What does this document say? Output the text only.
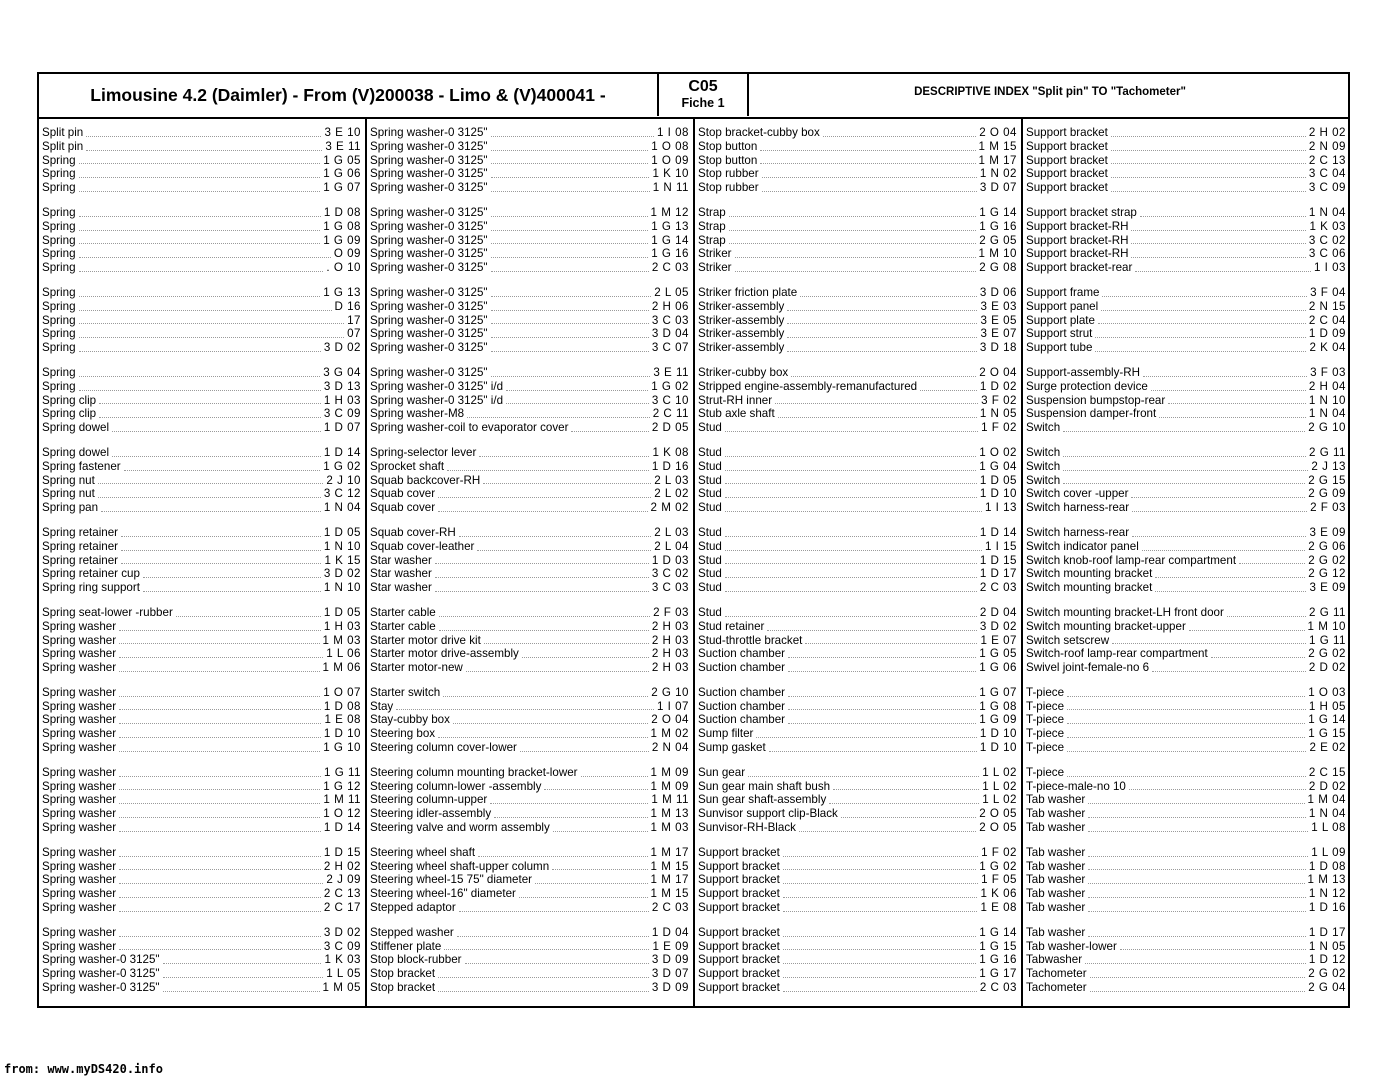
Limousine 4.2 (Daimler) - From (V)200038 - Limo & (V)400041 -	C05
Fiche 1
DESCRIPTIVE INDEX "Split pin" TO "Tachometer"
Split pin	3 E 10
Split pin	3 E 11
Spring	1 G 05
Spring	1 G 06
Spring	1 G 07
Spring	1 D 08
Spring	1 G 08
Spring	1 G 09
Spring	O 09
Spring	. O 10
Spring	1 G 13
Spring	D 16
Spring	17
Spring	07
Spring	3 D 02
Spring	3 G 04
Spring	3 D 13
Spring clip	1 H 03
Spring clip	3 C 09
Spring dowel	1 D 07
Spring dowel	1 D 14
Spring fastener	1 G 02
Spring nut	2 J 10
Spring nut	3 C 12
Spring pan	1 N 04
Spring retainer	1 D 05
Spring retainer	1 N 10
Spring retainer	1 K 15
Spring retainer cup	3 D 02
Spring ring support	1 N 10
Spring seat-lower -rubber	1 D 05
Spring washer	1 H 03
Spring washer	1 M 03
Spring washer	1 L 06
Spring washer	1 M 06
Spring washer	1 O 07
Spring washer	1 D 08
Spring washer	1 E 08
Spring washer	1 D 10
Spring washer	1 G 10
Spring washer	1 G 11
Spring washer	1 G 12
Spring washer	1 M 11
Spring washer	1 O 12
Spring washer	1 D 14
Spring washer	1 D 15
Spring washer	2 H 02
Spring washer	2 J 09
Spring washer	2 C 13
Spring washer	2 C 17
Spring washer	3 D 02
Spring washer	3 C 09
Spring washer-0 3125"	1 K 03
Spring washer-0 3125"	1 L 05
Spring washer-0 3125"	1 M 05
Spring washer-0 3125"	1 I 08
Spring washer-0 3125"	1 O 08
Spring washer-0 3125"	1 O 09
Spring washer-0 3125"	1 K 10
Spring washer-0 3125"	1 N 11
Spring washer-0 3125"	1 M 12
Spring washer-0 3125"	1 G 13
Spring washer-0 3125"	1 G 14
Spring washer-0 3125"	1 G 16
Spring washer-0 3125"	2 C 03
Spring washer-0 3125"	2 L 05
Spring washer-0 3125"	2 H 06
Spring washer-0 3125"	3 C 03
Spring washer-0 3125"	3 D 04
Spring washer-0 3125"	3 C 07
Spring washer-0 3125"	3 E 11
Spring washer-0 3125" i/d	1 G 02
Spring washer-0 3125" i/d	3 C 10
Spring washer-M8	2 C 11
Spring washer-coil to evaporator cover	2 D 05
Spring-selector lever	1 K 08
Sprocket shaft	1 D 16
Squab backcover-RH	2 L 03
Squab cover	2 L 02
Squab cover	2 M 02
Squab cover-RH	2 L 03
Squab cover-leather	2 L 04
Star washer	1 D 03
Star washer	3 C 02
Star washer	3 C 03
Starter cable	2 F 03
Starter cable	2 H 03
Starter motor drive kit	2 H 03
Starter motor drive-assembly	2 H 03
Starter motor-new	2 H 03
Starter switch	2 G 10
Stay	1 I 07
Stay-cubby box	2 O 04
Steering box	1 M 02
Steering column cover-lower	2 N 04
Steering column mounting bracket-lower	1 M 09
Steering column-lower -assembly	1 M 09
Steering column-upper	1 M 11
Steering idler-assembly	1 M 13
Steering valve and worm assembly	1 M 03
Steering wheel shaft	1 M 17
Steering wheel shaft-upper column	1 M 15
Steering wheel-15 75" diameter	1 M 17
Steering wheel-16" diameter	1 M 15
Stepped adaptor	2 C 03
Stepped washer	1 D 04
Stiffener plate	1 E 09
Stop block-rubber	3 D 09
Stop bracket	3 D 07
Stop bracket	3 D 09
Stop bracket-cubby box	2 O 04
Stop button	1 M 15
Stop button	1 M 17
Stop rubber	1 N 02
Stop rubber	3 D 07
Strap	1 G 14
Strap	1 G 16
Strap	2 G 05
Striker	1 M 10
Striker	2 G 08
Striker friction plate	3 D 06
Striker-assembly	3 E 03
Striker-assembly	3 E 05
Striker-assembly	3 E 07
Striker-assembly	3 D 18
Striker-cubby box	2 O 04
Stripped engine-assembly-remanufactured	1 D 02
Strut-RH inner	3 F 02
Stub axle shaft	1 N 05
Stud	1 F 02
Stud	1 O 02
Stud	1 G 04
Stud	1 D 05
Stud	1 D 10
Stud	1 I 13
Stud	1 D 14
Stud	1 I 15
Stud	1 D 15
Stud	1 D 17
Stud	2 C 03
Stud	2 D 04
Stud retainer	3 D 02
Stud-throttle bracket	1 E 07
Suction chamber	1 G 05
Suction chamber	1 G 06
Suction chamber	1 G 07
Suction chamber	1 G 08
Suction chamber	1 G 09
Sump filter	1 D 10
Sump gasket	1 D 10
Sun gear	1 L 02
Sun gear main shaft bush	1 L 02
Sun gear shaft-assembly	1 L 02
Sunvisor support clip-Black	2 O 05
Sunvisor-RH-Black	2 O 05
Support bracket	1 F 02
Support bracket	1 G 02
Support bracket	1 F 05
Support bracket	1 K 06
Support bracket	1 E 08
Support bracket	1 G 14
Support bracket	1 G 15
Support bracket	1 G 16
Support bracket	1 G 17
Support bracket	2 C 03
Support bracket	2 H 02
Support bracket	2 N 09
Support bracket	2 C 13
Support bracket	3 C 04
Support bracket	3 C 09
Support bracket strap	1 N 04
Support bracket-RH	1 K 03
Support bracket-RH	3 C 02
Support bracket-RH	3 C 06
Support bracket-rear	1 I 03
Support frame	3 F 04
Support panel	2 N 15
Support plate	2 C 04
Support strut	1 D 09
Support tube	2 K 04
Support-assembly-RH	3 F 03
Surge protection device	2 H 04
Suspension bumpstop-rear	1 N 10
Suspension damper-front	1 N 04
Switch	2 G 10
Switch	2 G 11
Switch	2 J 13
Switch	2 G 15
Switch cover -upper	2 G 09
Switch harness-rear	2 F 03
Switch harness-rear	3 E 09
Switch indicator panel	2 G 06
Switch knob-roof lamp-rear compartment	2 G 02
Switch mounting bracket	2 G 12
Switch mounting bracket	3 E 09
Switch mounting bracket-LH front door	2 G 11
Switch mounting bracket-upper	1 M 10
Switch setscrew	1 G 11
Switch-roof lamp-rear compartment	2 G 02
Swivel joint-female-no 6	2 D 02
T-piece	1 O 03
T-piece	1 H 05
T-piece	1 G 14
T-piece	1 G 15
T-piece	2 E 02
T-piece	2 C 15
T-piece-male-no 10	2 D 02
Tab washer	1 M 04
Tab washer	1 N 04
Tab washer	1 L 08
Tab washer	1 L 09
Tab washer	1 D 08
Tab washer	1 M 13
Tab washer	1 N 12
Tab washer	1 D 16
Tab washer	1 D 17
Tab washer-lower	1 N 05
Tabwasher	1 D 12
Tachometer	2 G 02
Tachometer	2 G 04
from: www.myDS420.info
